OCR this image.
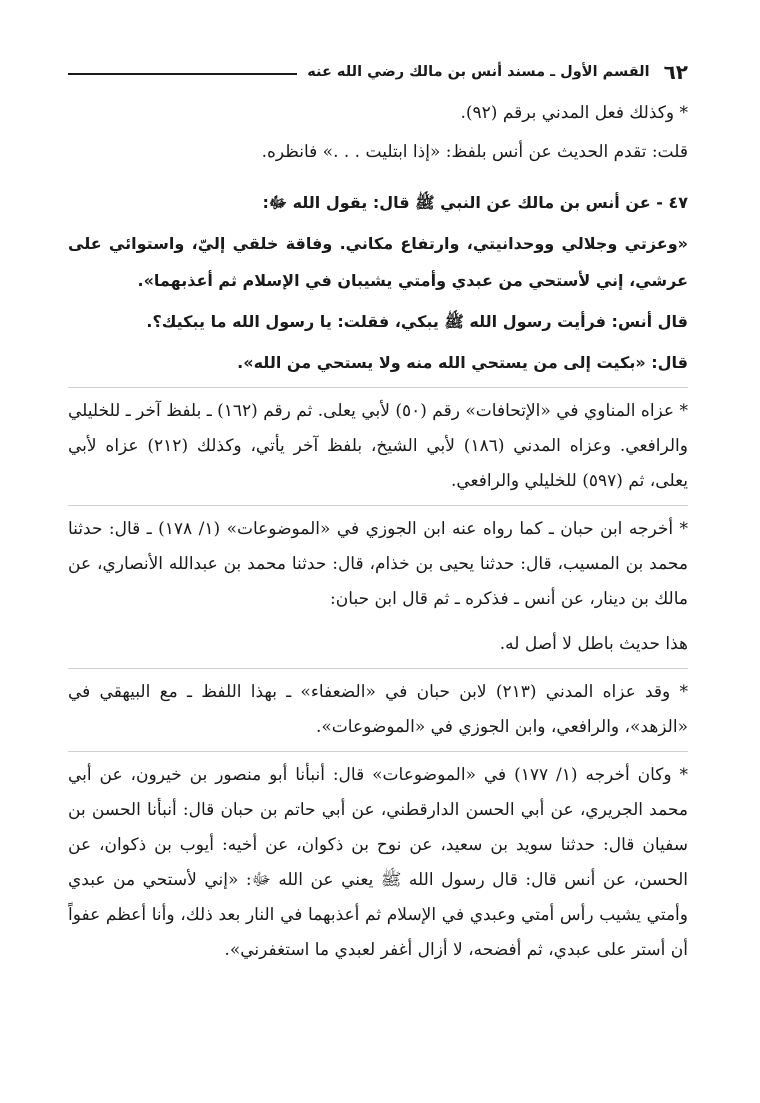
٦٢
القسم الأول ـ مسند أنس بن مالك رضي الله عنه

* وكذلك فعل المدني برقم (٩٢).

قلت: تقدم الحديث عن أنس بلفظ: «إذا ابتليت . . .» فانظره.

٤٧ - عن أنس بن مالك عن النبي ﷺ قال: يقول الله ﷻ:

«وعزتي وجلالي ووحدانيتي، وارتفاع مكاني. وفاقة خلقي إليّ، واستوائي على عرشي، إني لأستحي من عبدي وأمتي يشيبان في الإسلام ثم أعذبهما».

قال أنس: فرأيت رسول الله ﷺ يبكي، فقلت: يا رسول الله ما يبكيك؟.

قال: «بكيت إلى من يستحي الله منه ولا يستحي من الله».

* عزاه المناوي في «الإتحافات» رقم (٥٠) لأبي يعلى. ثم رقم (١٦٢) ـ بلفظ آخر ـ للخليلي والرافعي. وعزاه المدني (١٨٦) لأبي الشيخ، بلفظ آخر يأتي، وكذلك (٢١٢) عزاه لأبي يعلى، ثم (٥٩٧) للخليلي والرافعي.

* أخرجه ابن حبان ـ كما رواه عنه ابن الجوزي في «الموضوعات» (١/ ١٧٨) ـ قال: حدثنا محمد بن المسيب، قال: حدثنا يحيى بن خذام، قال: حدثنا محمد بن عبدالله الأنصاري، عن مالك بن دينار، عن أنس ـ فذكره ـ ثم قال ابن حبان:

هذا حديث باطل لا أصل له.

* وقد عزاه المدني (٢١٣) لابن حبان في «الضعفاء» ـ بهذا اللفظ ـ مع البيهقي في «الزهد»، والرافعي، وابن الجوزي في «الموضوعات».

* وكان أخرجه (١/ ١٧٧) في «الموضوعات» قال: أنبأنا أبو منصور بن خيرون، عن أبي محمد الجريري، عن أبي الحسن الدارقطني، عن أبي حاتم بن حبان قال: أنبأنا الحسن بن سفيان قال: حدثنا سويد بن سعيد، عن نوح بن ذكوان، عن أخيه: أيوب بن ذكوان، عن الحسن، عن أنس قال: قال رسول الله ﷺ يعني عن الله ﷻ: «إني لأستحي من عبدي وأمتي يشيب رأس أمتي وعبدي في الإسلام ثم أعذبهما في النار بعد ذلك، وأنا أعظم عفواً أن أستر على عبدي، ثم أفضحه، لا أزال أغفر لعبدي ما استغفرني».
